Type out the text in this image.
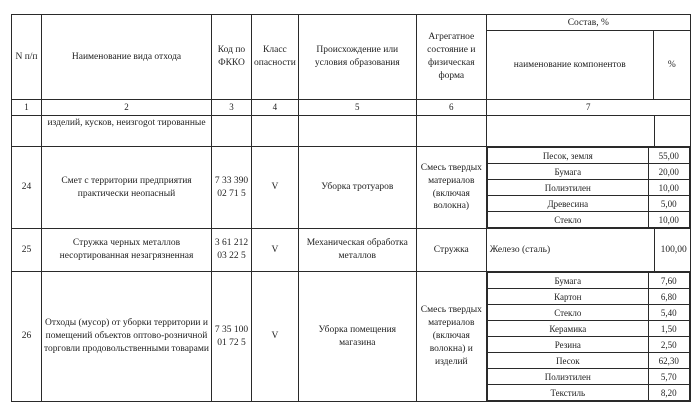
N п/п	Наименование вида отхода	Код по ФККО	Класс опасности	Происхождение или условия образования	Агрегатное состояние и физическая форма	
Состав, %
наименование компонентов	%

1	2	3	4	5	6	7
	изделий, кусков, неизгоgot тированные					

24	Смет с территории предприятия практически неопасный	7 33 390 02 71 5	V	Уборка тротуаров	Смесь твердых материалов (включая волокна)	
Песок, земля	55,00
Бумага	20,00
Полиэтилен	10,00
Древесина	5,00
Стекло	10,00

25	Стружка черных металлов несортированная незагрязненная	3 61 212 03 22 5	V	Механическая обработка металлов	Стружка	Железо (сталь)	100,00

26	Отходы (мусор) от уборки территории и помещений объектов оптово-розничной торговли продовольственными товарами	7 35 100 01 72 5	V	Уборка помещения магазина	Смесь твердых материалов (включая волокна) и изделий	
Бумага	7,60
Картон	6,80
Стекло	5,40
Керамика	1,50
Резина	2,50
Песок	62,30
Полиэтилен	5,70
Текстиль	8,20
